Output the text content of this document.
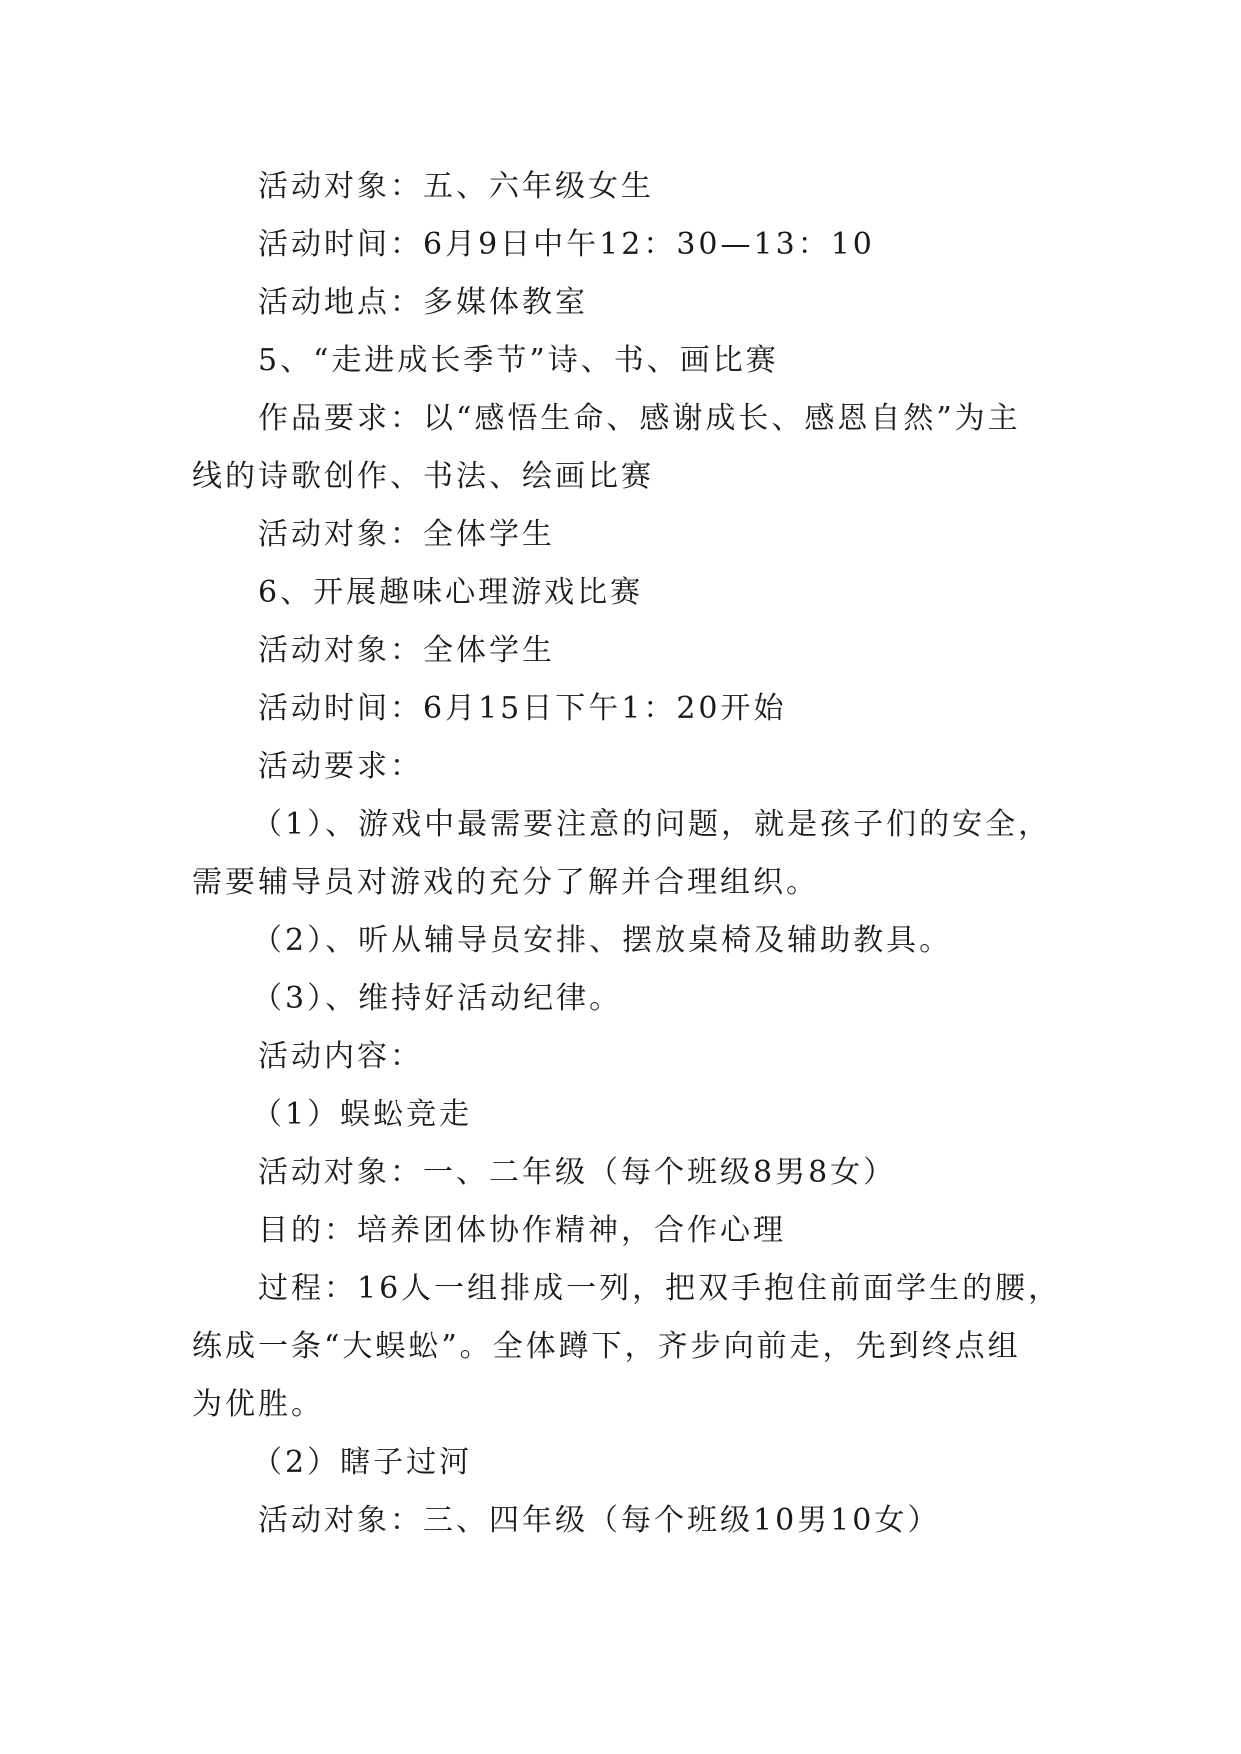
活动对象：五、六年级女生

活动时间：6月9日中午12：30—13：10

活动地点：多媒体教室

5、“走进成长季节”诗、书、画比赛

作品要求：以“感悟生命、感谢成长、感恩自然”为主

线的诗歌创作、书法、绘画比赛

活动对象：全体学生

6、开展趣味心理游戏比赛

活动对象：全体学生

活动时间：6月15日下午1：20开始

活动要求：

（1）、游戏中最需要注意的问题，就是孩子们的安全，

需要辅导员对游戏的充分了解并合理组织。

（2）、听从辅导员安排、摆放桌椅及辅助教具。

（3）、维持好活动纪律。

活动内容：

（1）蜈蚣竞走

活动对象：一、二年级（每个班级8男8女）

目的：培养团体协作精神，合作心理

过程：16人一组排成一列，把双手抱住前面学生的腰，

练成一条“大蜈蚣”。全体蹲下，齐步向前走，先到终点组

为优胜。

（2）瞎子过河

活动对象：三、四年级（每个班级10男10女）
